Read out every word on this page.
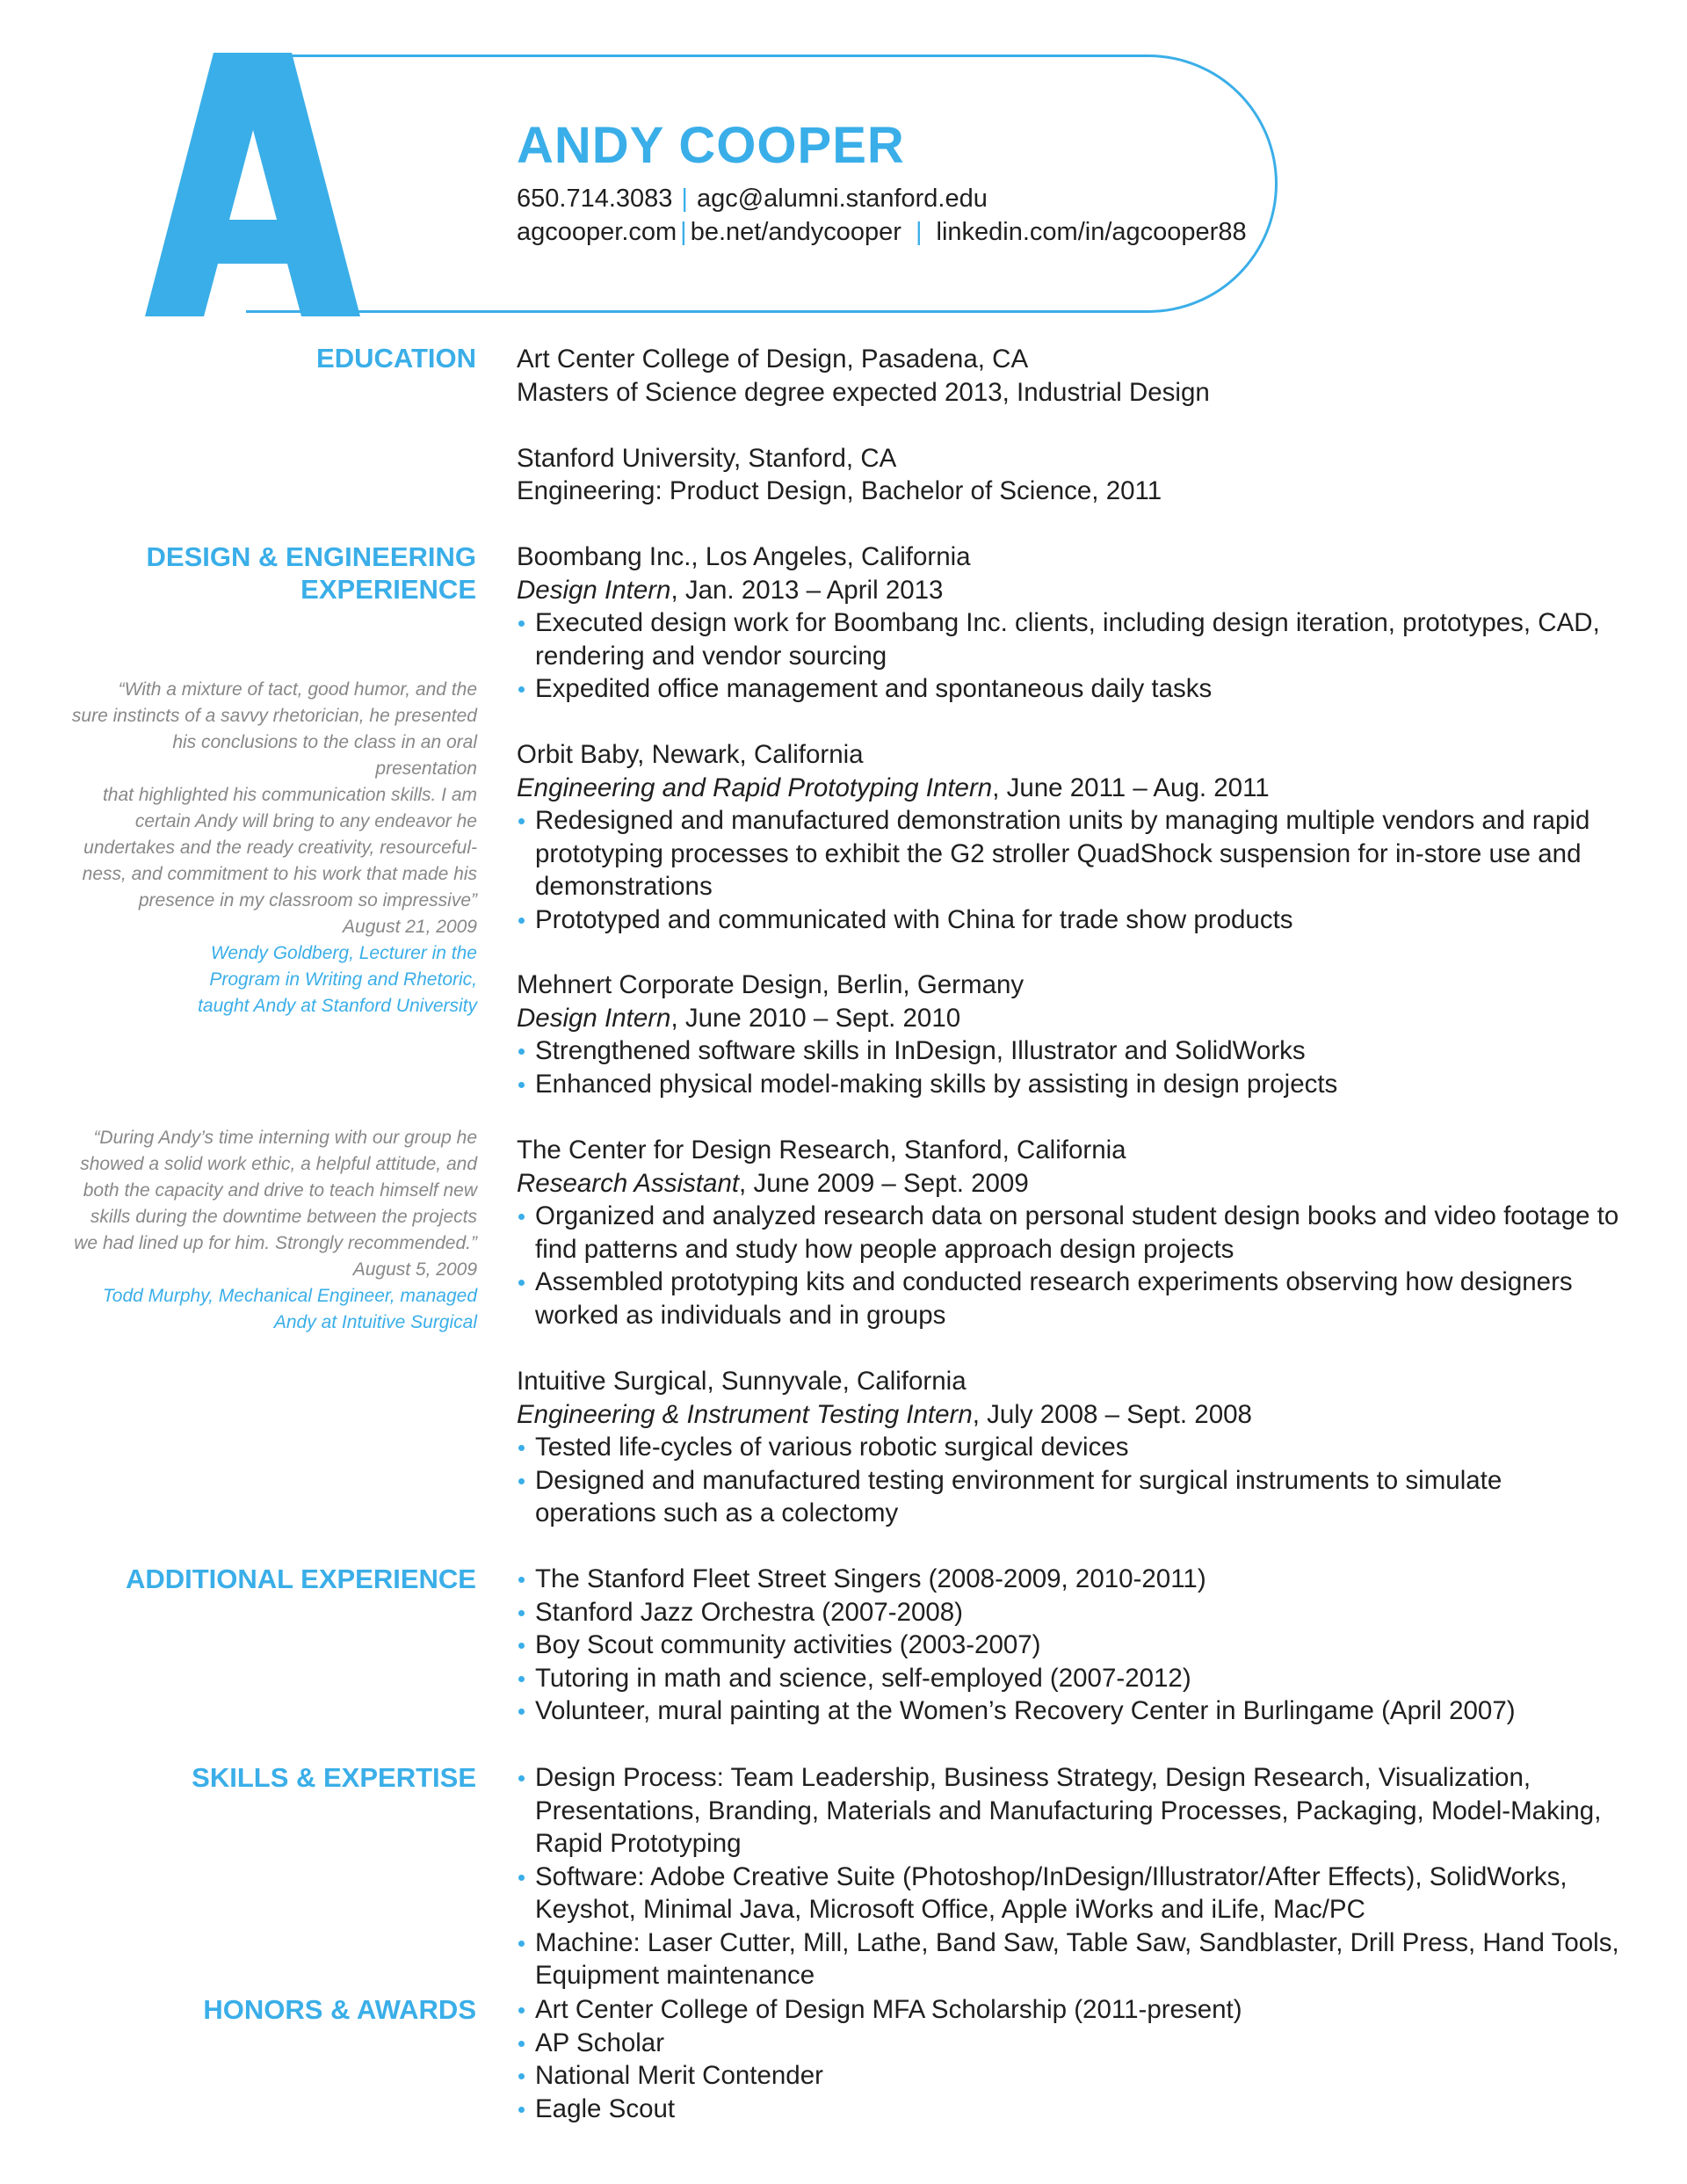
ANDY COOPER
650.714.3083 | agc@alumni.stanford.edu
agcooper.com | be.net/andycooper | linkedin.com/in/agcooper88
EDUCATION Art Center College of Design, Pasadena, CA
Masters of Science degree expected 2013, Industrial Design
Stanford University, Stanford, CA
Engineering: Product Design, Bachelor of Science, 2011
DESIGN & ENGINEERING
EXPERIENCE
Boombang Inc., Los Angeles, California
Design Intern, Jan. 2013 – April 2013
Executed design work for Boombang Inc. clients, including design iteration, prototypes, CAD, rendering and vendor sourcing
Expedited office management and spontaneous daily tasks
Orbit Baby, Newark, California
Engineering and Rapid Prototyping Intern, June 2011 – Aug. 2011
Redesigned and manufactured demonstration units by managing multiple vendors and rapid prototyping processes to exhibit the G2 stroller QuadShock suspension for in-store use and demonstrations
Prototyped and communicated with China for trade show products
Mehnert Corporate Design, Berlin, Germany
Design Intern, June 2010 – Sept. 2010
Strengthened software skills in InDesign, Illustrator and SolidWorks
Enhanced physical model-making skills by assisting in design projects
The Center for Design Research, Stanford, California
Research Assistant, June 2009 – Sept. 2009
Organized and analyzed research data on personal student design books and video footage to find patterns and study how people approach design projects
Assembled prototyping kits and conducted research experiments observing how designers worked as individuals and in groups
Intuitive Surgical, Sunnyvale, California
Engineering & Instrument Testing Intern, July 2008 – Sept. 2008
Tested life-cycles of various robotic surgical devices
Designed and manufactured testing environment for surgical instruments to simulate operations such as a colectomy
“With a mixture of tact, good humor, and the
sure instincts of a savvy rhetorician, he presented
his conclusions to the class in an oral presentation
that highlighted his communication skills. I am
certain Andy will bring to any endeavor he
undertakes and the ready creativity, resourceful-
ness, and commitment to his work that made his
presence in my classroom so impressive”
August 21, 2009
Wendy Goldberg, Lecturer in the
Program in Writing and Rhetoric,
taught Andy at Stanford University
“During Andy’s time interning with our group he
showed a solid work ethic, a helpful attitude, and
both the capacity and drive to teach himself new
skills during the downtime between the projects
we had lined up for him. Strongly recommended.”
August 5, 2009
Todd Murphy, Mechanical Engineer, managed
Andy at Intuitive Surgical
ADDITIONAL EXPERIENCE	The Stanford Fleet Street Singers (2008-2009, 2010-2011)
Stanford Jazz Orchestra (2007-2008)
Boy Scout community activities (2003-2007)
Tutoring in math and science, self-employed (2007-2012)
Volunteer, mural painting at the Women’s Recovery Center in Burlingame (April 2007)
SKILLS & EXPERTISE	Design Process: Team Leadership, Business Strategy, Design Research, Visualization, Presentations, Branding, Materials and Manufacturing Processes, Packaging, Model-Making, Rapid Prototyping
Software: Adobe Creative Suite (Photoshop/InDesign/Illustrator/After Effects), SolidWorks, Keyshot, Minimal Java, Microsoft Office, Apple iWorks and iLife, Mac/PC
Machine: Laser Cutter, Mill, Lathe, Band Saw, Table Saw, Sandblaster, Drill Press, Hand Tools, Equipment maintenance
HONORS & AWARDS	Art Center College of Design MFA Scholarship (2011-present)
AP Scholar
National Merit Contender
Eagle Scout
